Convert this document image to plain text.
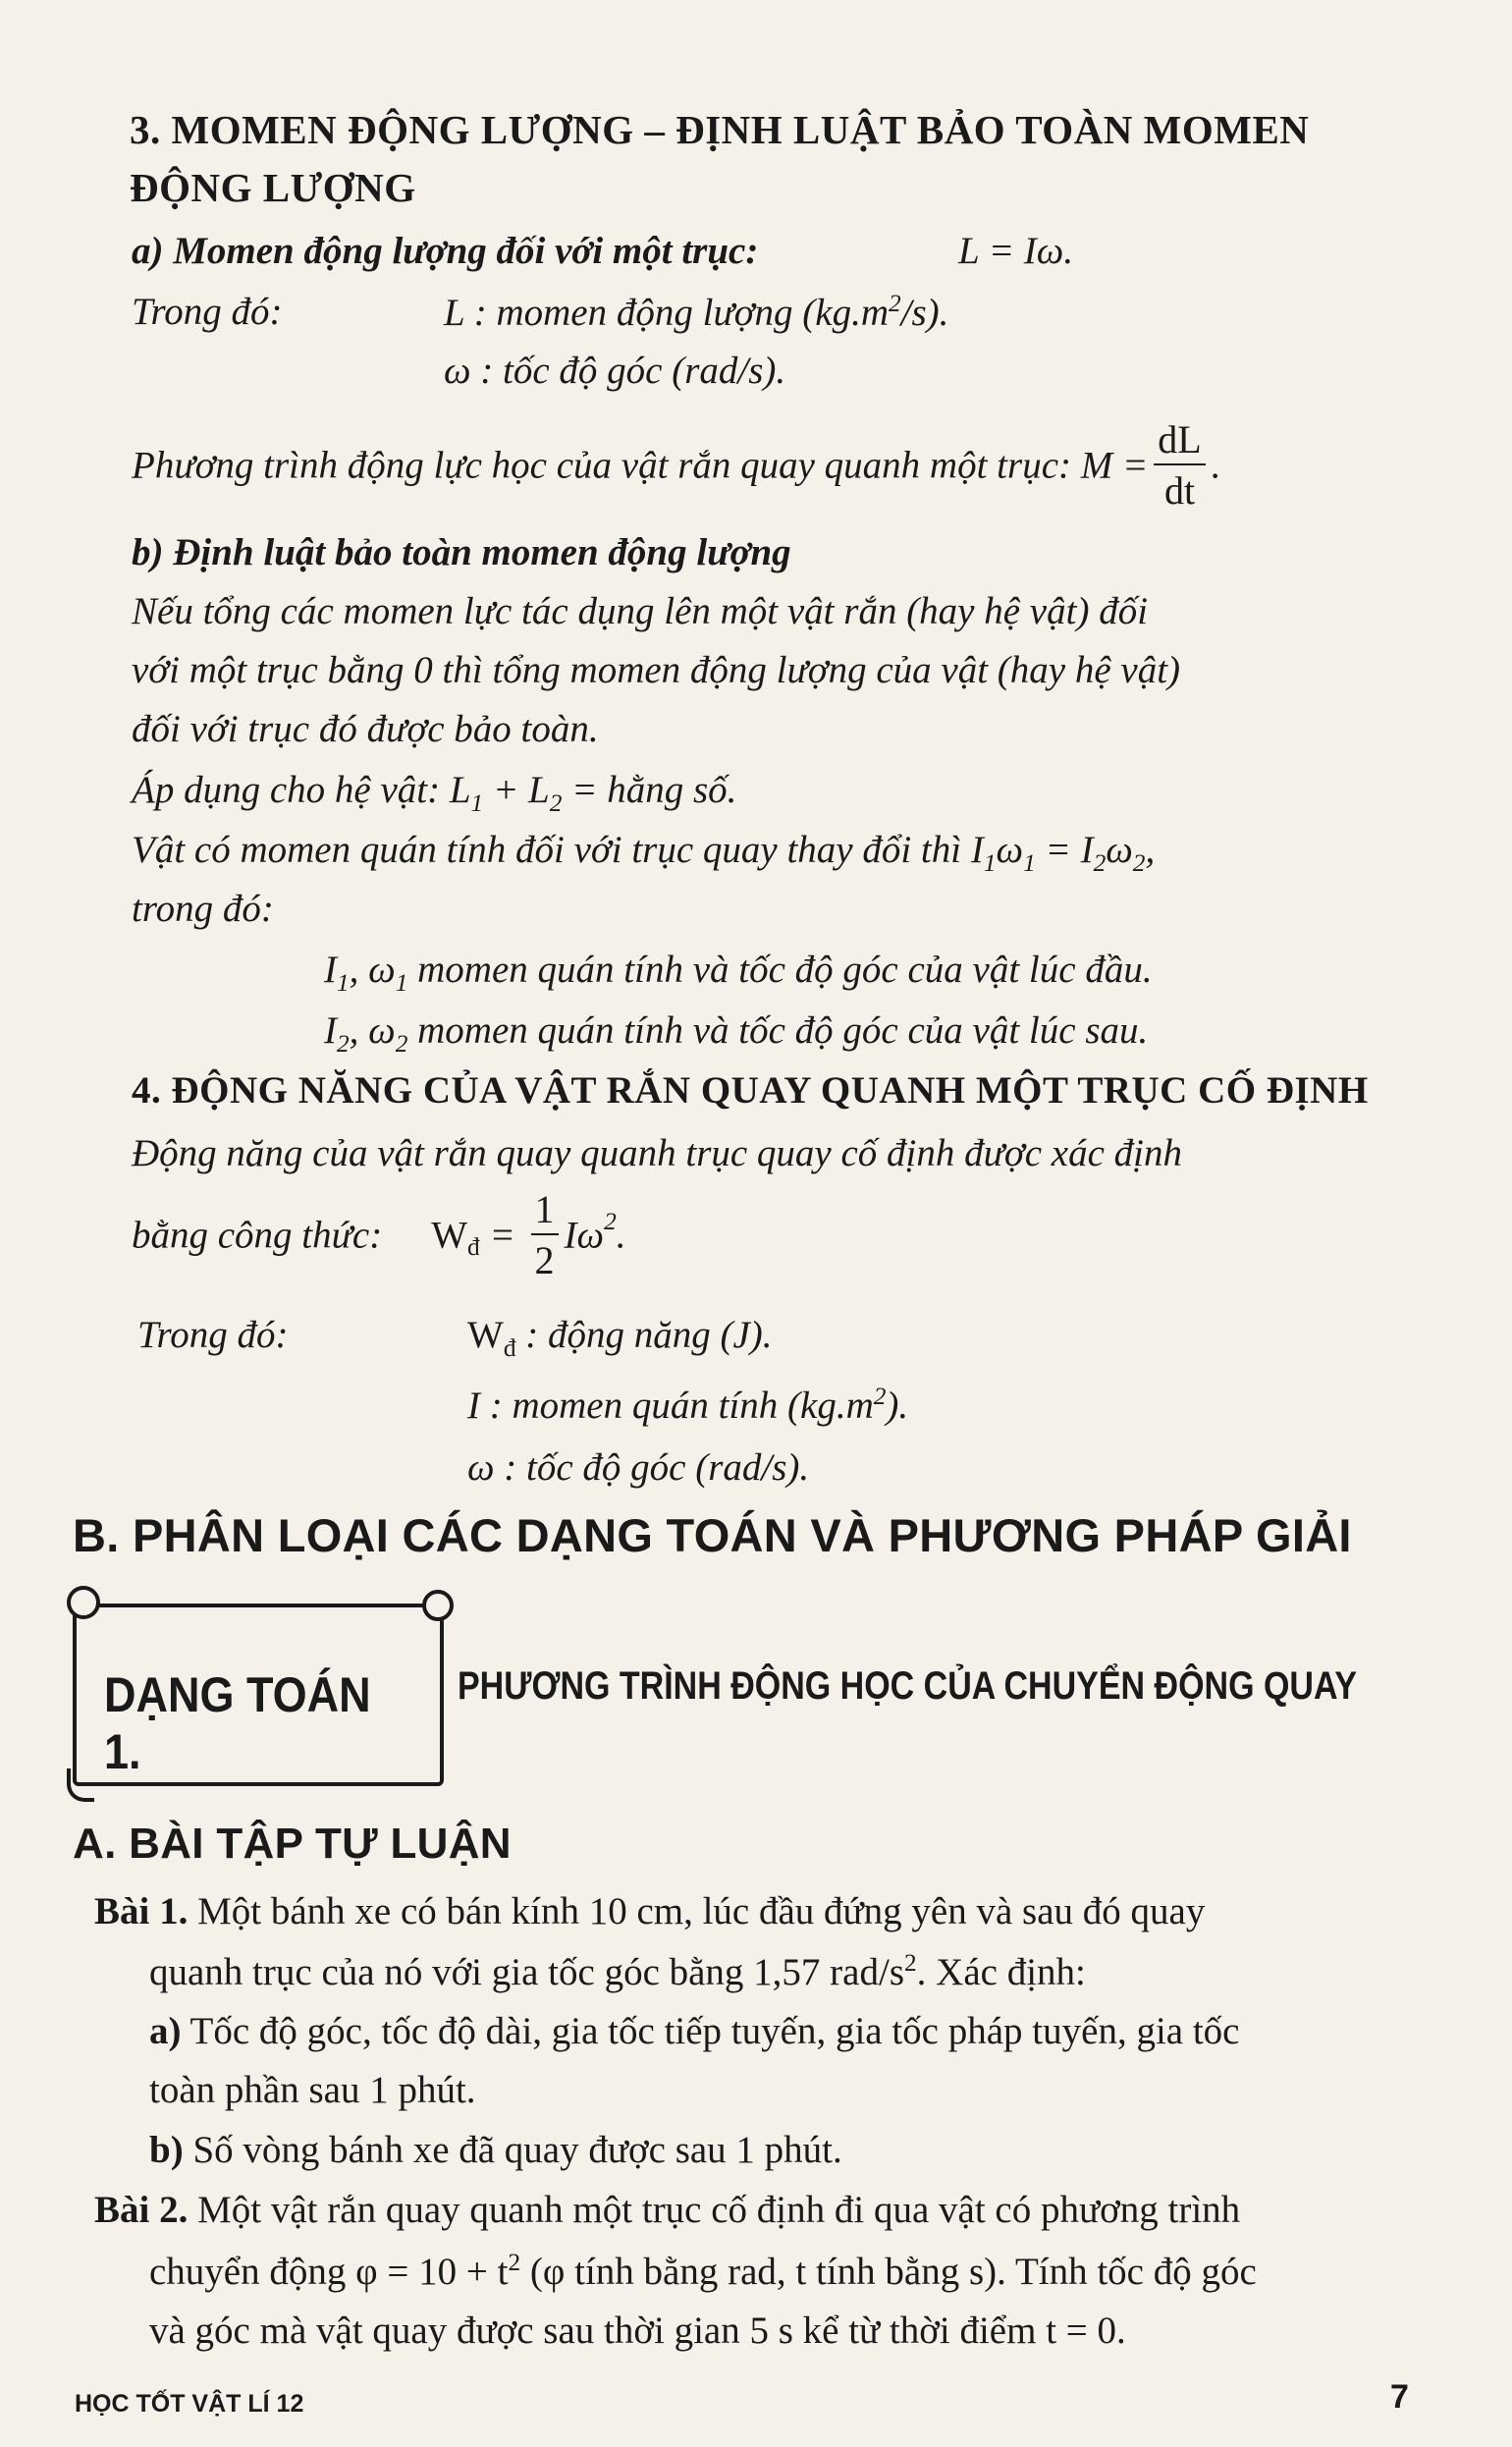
3. MOMEN ĐỘNG LƯỢNG – ĐỊNH LUẬT BẢO TOÀN MOMEN
ĐỘNG LƯỢNG
a) Momen động lượng đối với một trục:	L = Iω.
Trong đó:	L : momen động lượng $(kg.m^2/s)$.
ω : tốc độ góc (rad/s).
Phương trình động lực học của vật rắn quay quanh một trục: $M = \frac{dL}{dt}$ .
b) Định luật bảo toàn momen động lượng
Nếu tổng các momen lực tác dụng lên một vật rắn (hay hệ vật) đối
với một trục bằng 0 thì tổng momen động lượng của vật (hay hệ vật)
đối với trục đó được bảo toàn.
Áp dụng cho hệ vật: $L_1 + L_2$ = hằng số.
Vật có momen quán tính đối với trục quay thay đổi thì $I_1\omega_1 = I_2\omega_2$,
trong đó:
$I_1$, $\omega_1$ momen quán tính và tốc độ góc của vật lúc đầu.
$I_2$, $\omega_2$ momen quán tính và tốc độ góc của vật lúc sau.
4. ĐỘNG NĂNG CỦA VẬT RẮN QUAY QUANH MỘT TRỤC CỐ ĐỊNH
Động năng của vật rắn quay quanh trục quay cố định được xác định
bằng công thức: $W_đ = \frac{1}{2} I\omega^2$.
Trong đó:	$W_đ$ : động năng (J).
I : momen quán tính $(kg.m^2)$.
ω : tốc độ góc (rad/s).
B. PHÂN LOẠI CÁC DẠNG TOÁN VÀ PHƯƠNG PHÁP GIẢI
DẠNG TOÁN 1.
PHƯƠNG TRÌNH ĐỘNG HỌC CỦA CHUYỂN ĐỘNG QUAY
A. BÀI TẬP TỰ LUẬN
Bài 1. Một bánh xe có bán kính 10 cm, lúc đầu đứng yên và sau đó quay
quanh trục của nó với gia tốc góc bằng 1,57 rad/$s^2$. Xác định:
a) Tốc độ góc, tốc độ dài, gia tốc tiếp tuyến, gia tốc pháp tuyến, gia tốc
toàn phần sau 1 phút.
b) Số vòng bánh xe đã quay được sau 1 phút.
Bài 2. Một vật rắn quay quanh một trục cố định đi qua vật có phương trình
chuyển động $\varphi = 10 + t^2$ (φ tính bằng rad, t tính bằng s). Tính tốc độ góc
và góc mà vật quay được sau thời gian 5 s kể từ thời điểm t = 0.
HỌC TỐT VẬT LÍ 12	7
